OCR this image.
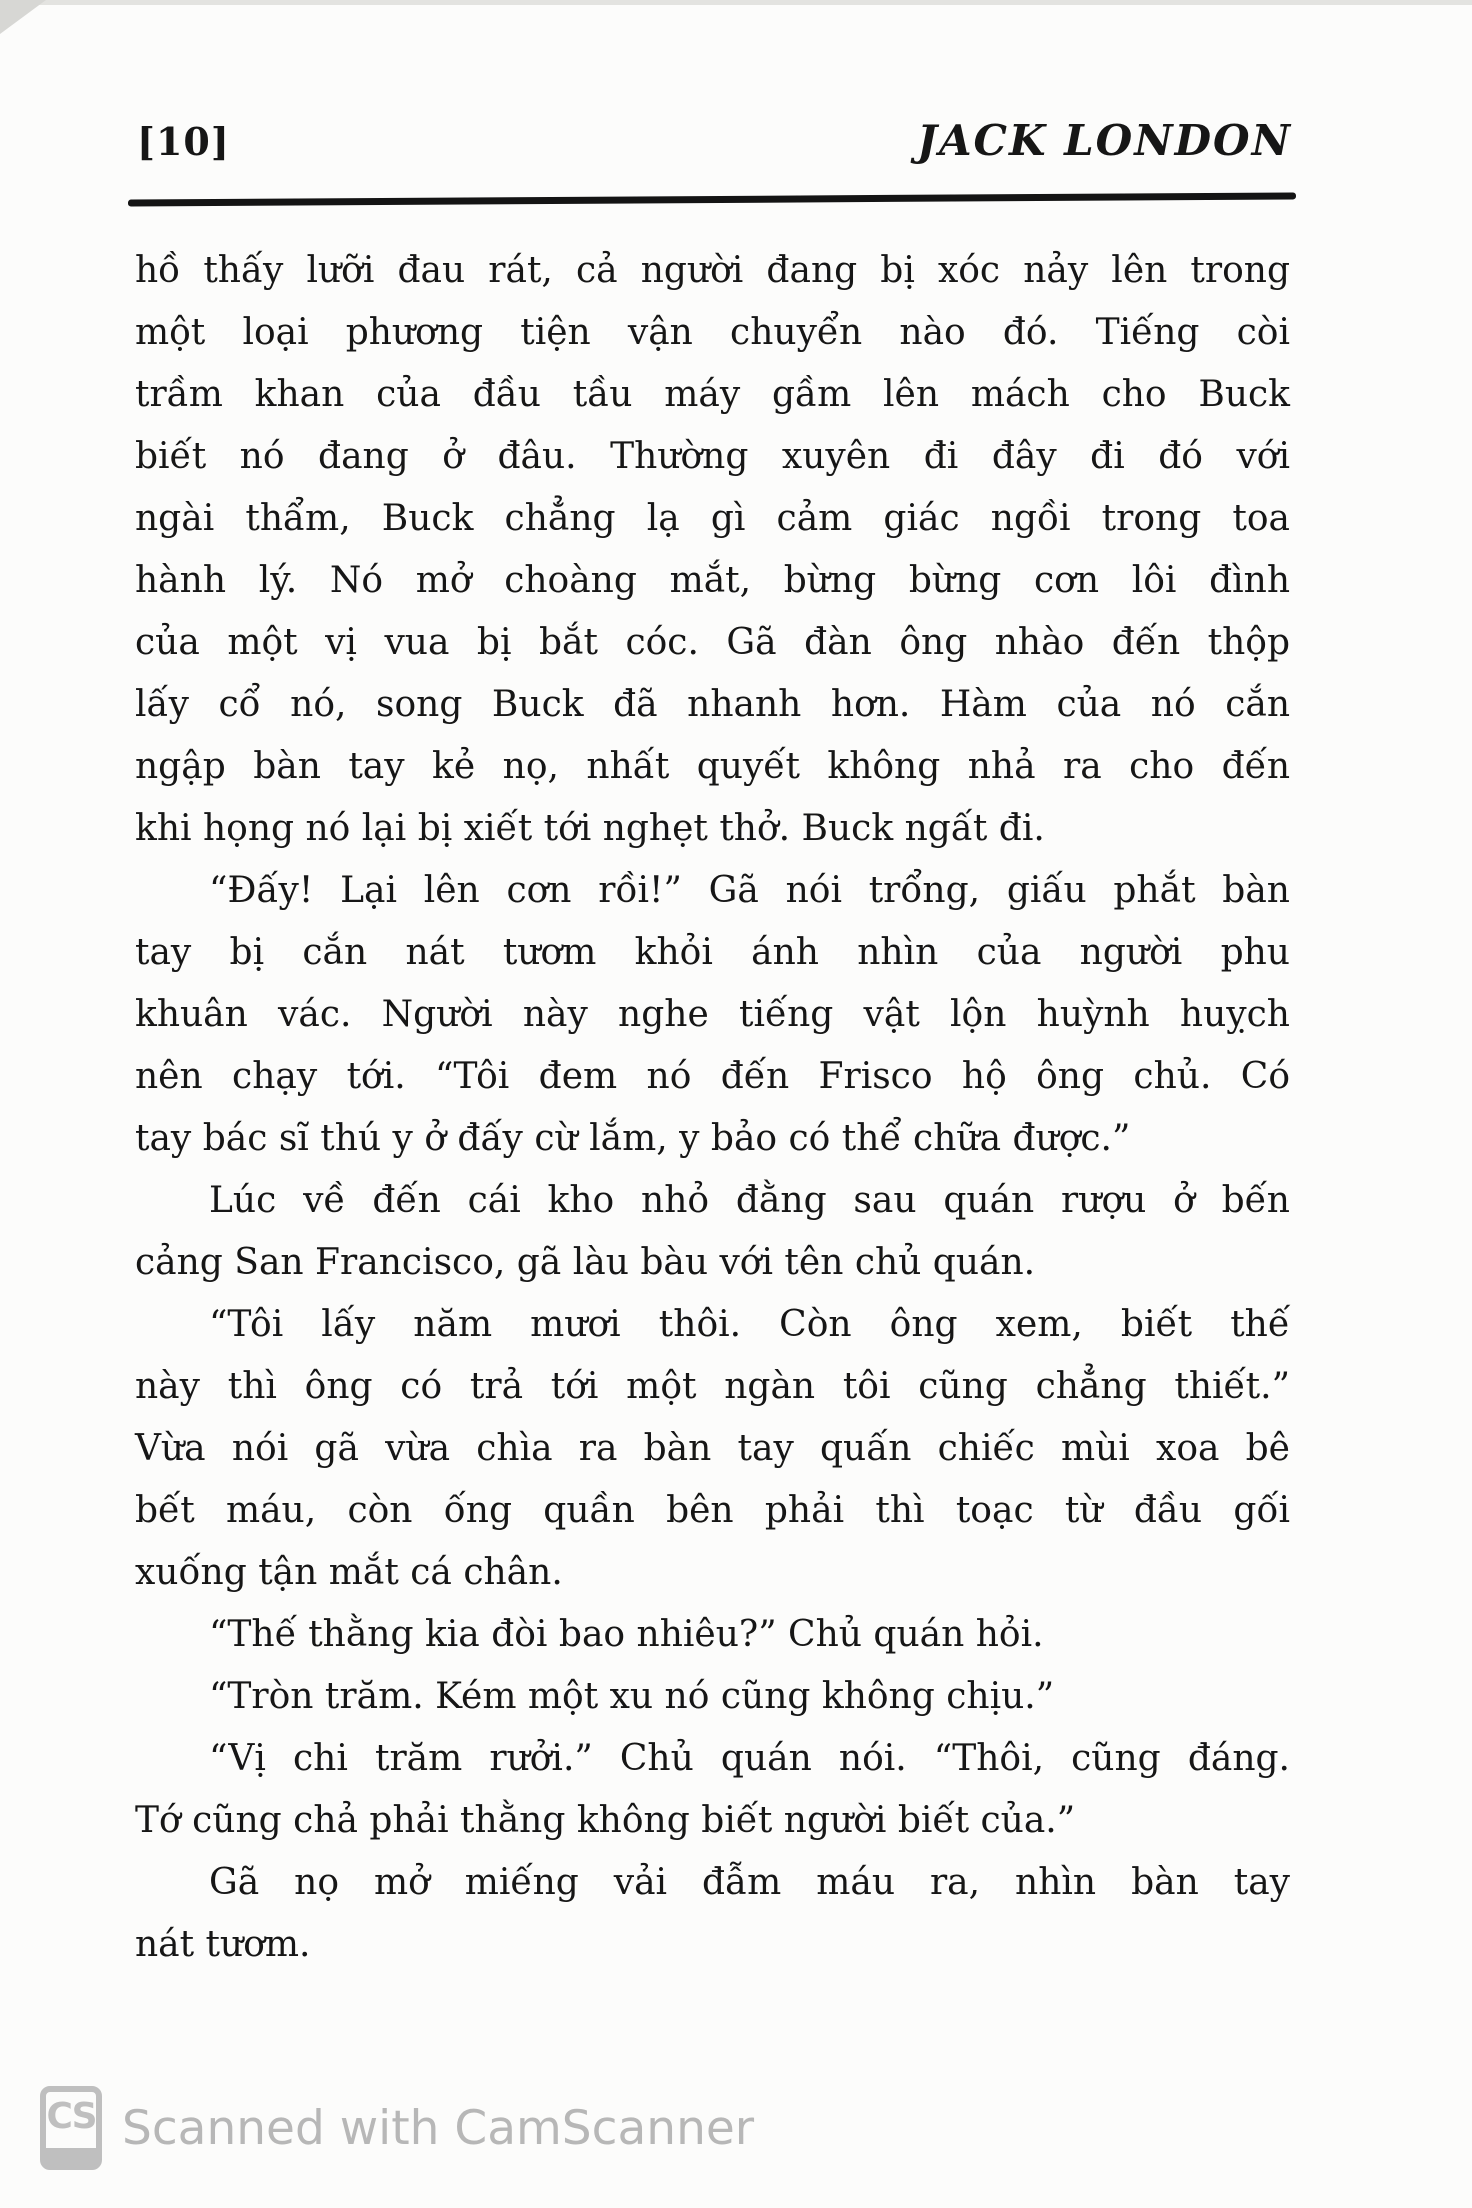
[10]	JACK LONDON

hồ thấy lưỡi đau rát, cả người đang bị xóc nảy lên trong
một loại phương tiện vận chuyển nào đó. Tiếng còi
trầm khan của đầu tầu máy gầm lên mách cho Buck
biết nó đang ở đâu. Thường xuyên đi đây đi đó với
ngài thẩm, Buck chẳng lạ gì cảm giác ngồi trong toa
hành lý. Nó mở choàng mắt, bừng bừng cơn lôi đình
của một vị vua bị bắt cóc. Gã đàn ông nhào đến thộp
lấy cổ nó, song Buck đã nhanh hơn. Hàm của nó cắn
ngập bàn tay kẻ nọ, nhất quyết không nhả ra cho đến
khi họng nó lại bị xiết tới nghẹt thở. Buck ngất đi.

“Đấy! Lại lên cơn rồi!” Gã nói trổng, giấu phắt bàn
tay bị cắn nát tươm khỏi ánh nhìn của người phu
khuân vác. Người này nghe tiếng vật lộn huỳnh huỵch
nên chạy tới. “Tôi đem nó đến Frisco hộ ông chủ. Có
tay bác sĩ thú y ở đấy cừ lắm, y bảo có thể chữa được.”

Lúc về đến cái kho nhỏ đằng sau quán rượu ở bến
cảng San Francisco, gã làu bàu với tên chủ quán.

“Tôi lấy năm mươi thôi. Còn ông xem, biết thế
này thì ông có trả tới một ngàn tôi cũng chẳng thiết.”
Vừa nói gã vừa chìa ra bàn tay quấn chiếc mùi xoa bê
bết máu, còn ống quần bên phải thì toạc từ đầu gối
xuống tận mắt cá chân.

“Thế thằng kia đòi bao nhiêu?” Chủ quán hỏi.

“Tròn trăm. Kém một xu nó cũng không chịu.”

“Vị chi trăm rưởi.” Chủ quán nói. “Thôi, cũng đáng.
Tớ cũng chả phải thằng không biết người biết của.”

Gã nọ mở miếng vải đẫm máu ra, nhìn bàn tay
nát tươm.

CS Scanned with CamScanner
